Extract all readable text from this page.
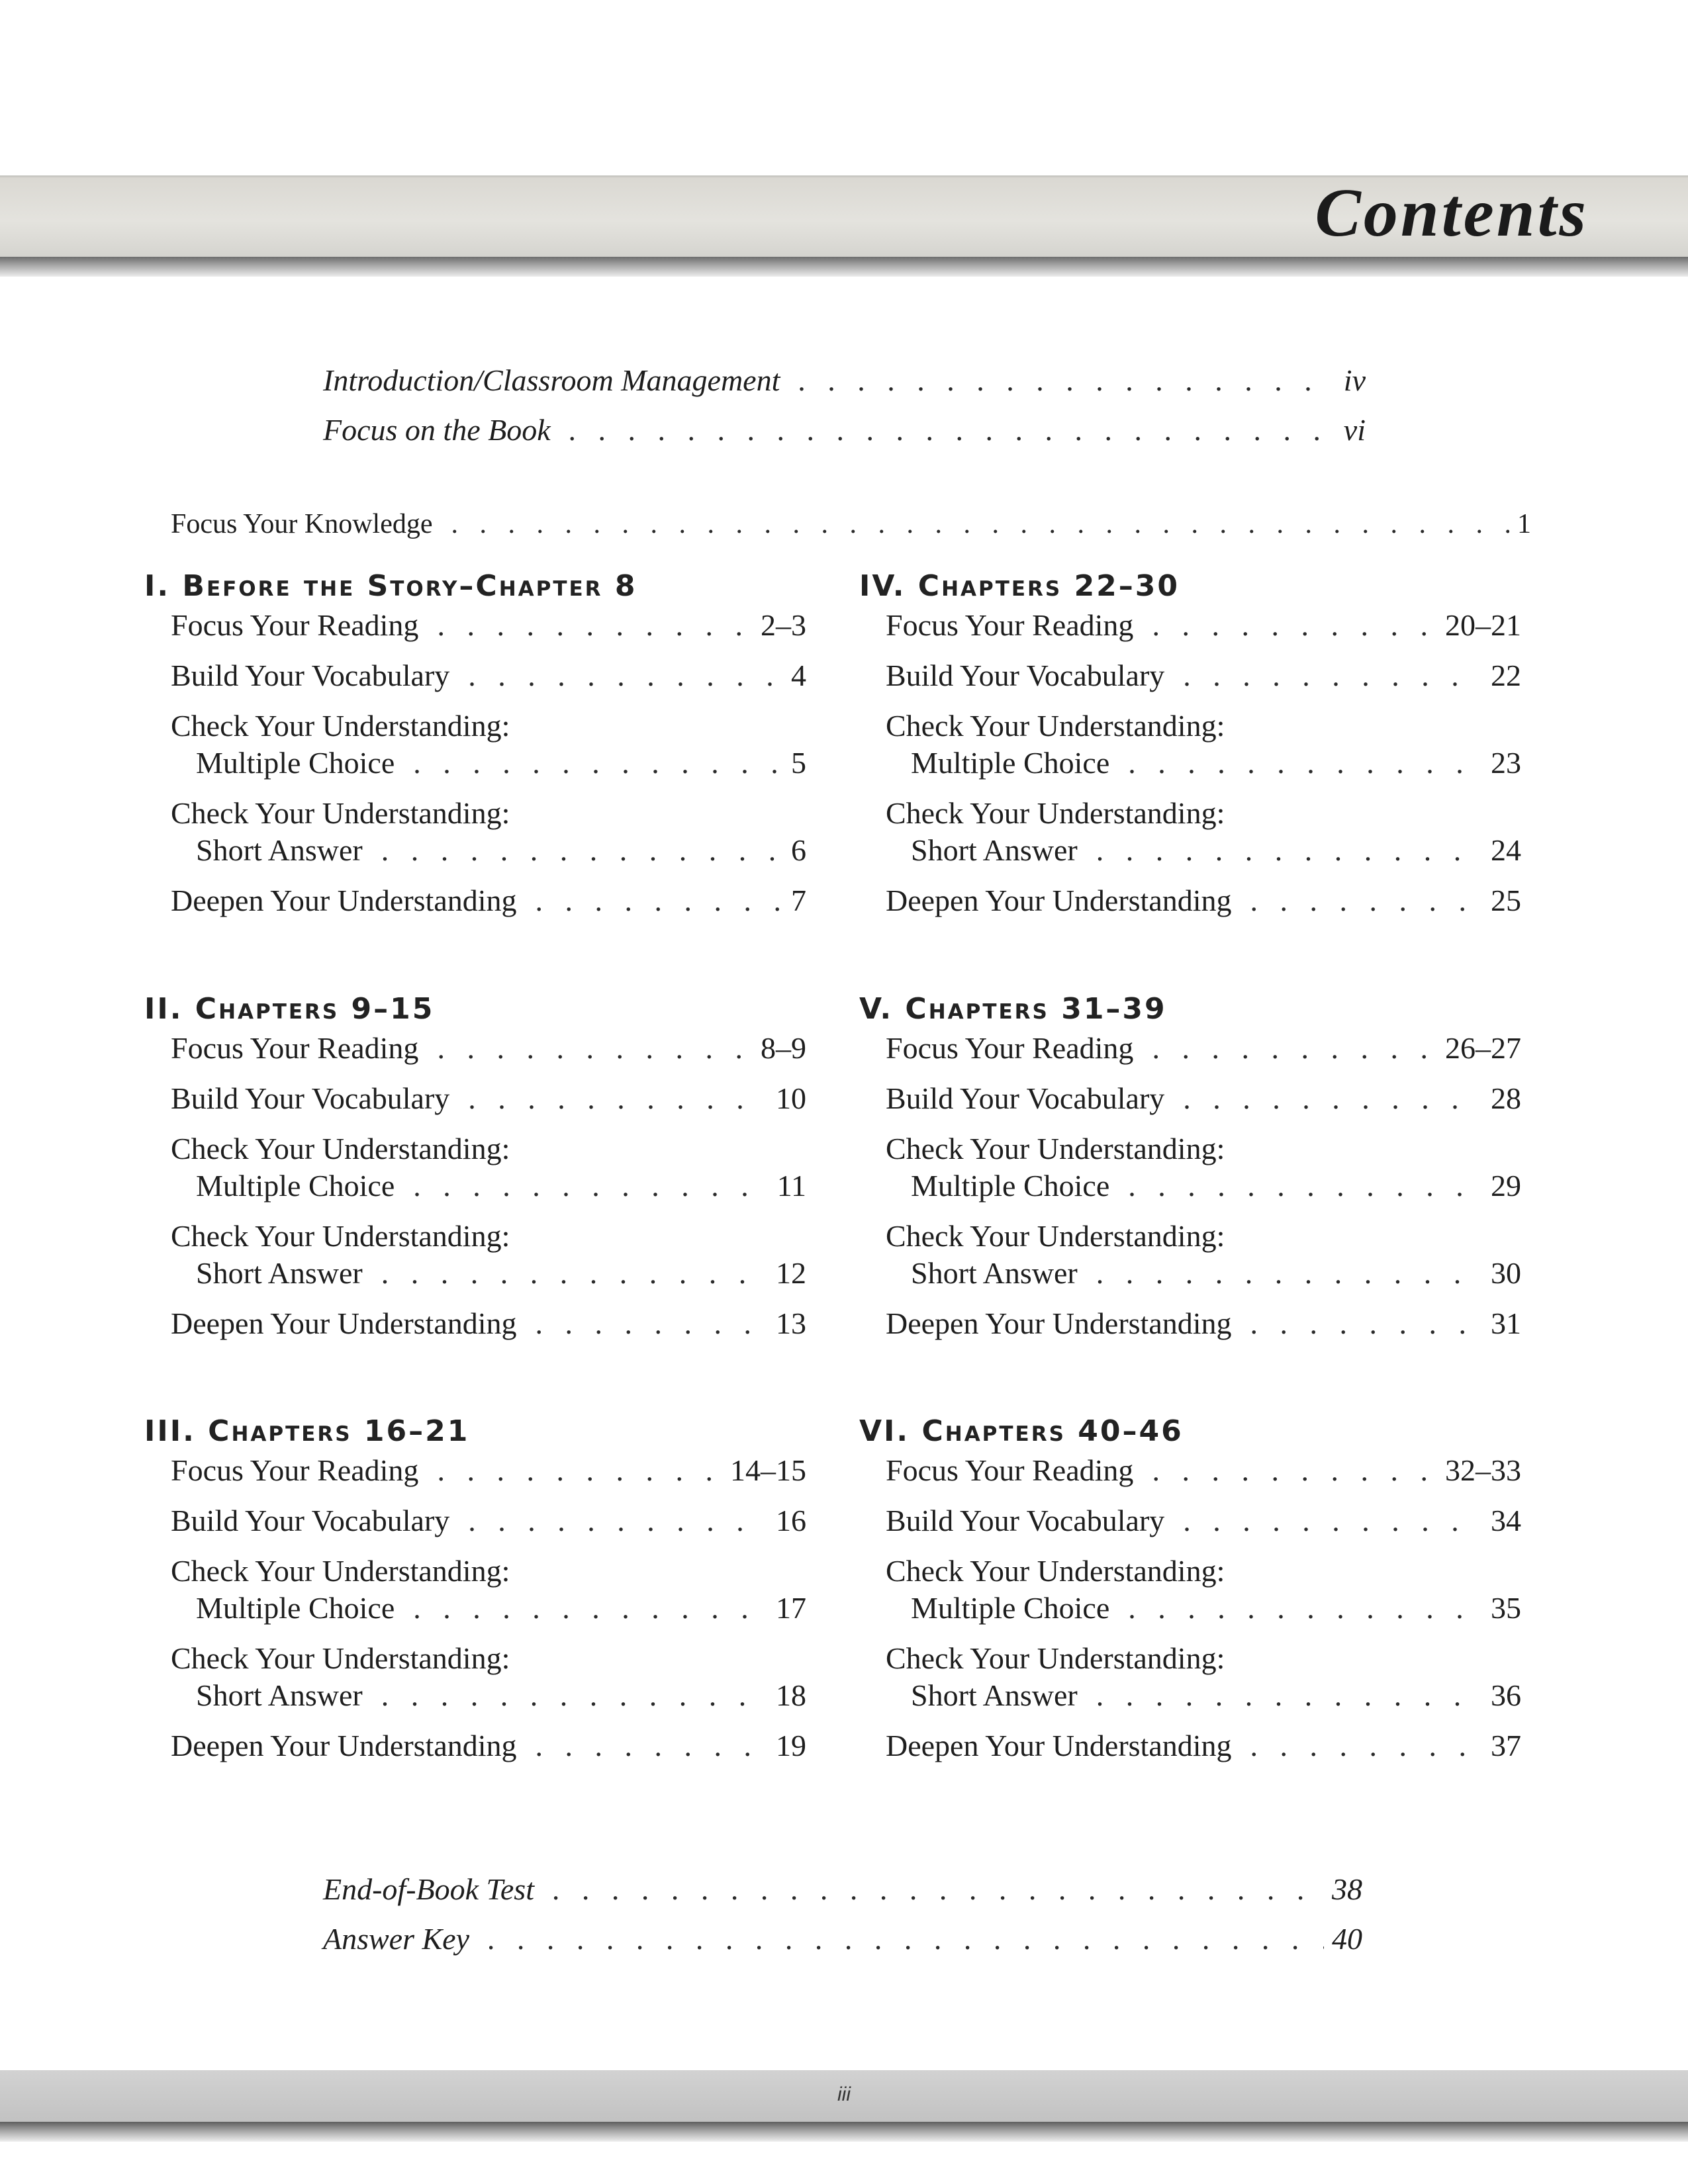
Contents
Introduction/Classroom Management . . .	iv
Focus on the Book . . .	vi
Focus Your Knowledge . . .	1
I. Before the Story–Chapter 8
Focus Your Reading . . .	2–3
Build Your Vocabulary . . .	4
Check Your Understanding:
Multiple Choice . . .	5
Check Your Understanding:
Short Answer . . .	6
Deepen Your Understanding . . .	7
IV. Chapters 22–30
Focus Your Reading . . .	20–21
Build Your Vocabulary . . .	22
Check Your Understanding:
Multiple Choice . . .	23
Check Your Understanding:
Short Answer . . .	24
Deepen Your Understanding . . .	25
II. Chapters 9–15
Focus Your Reading . . .	8–9
Build Your Vocabulary . . .	10
Check Your Understanding:
Multiple Choice . . .	11
Check Your Understanding:
Short Answer . . .	12
Deepen Your Understanding . . .	13
V. Chapters 31–39
Focus Your Reading . . .	26–27
Build Your Vocabulary . . .	28
Check Your Understanding:
Multiple Choice . . .	29
Check Your Understanding:
Short Answer . . .	30
Deepen Your Understanding . . .	31
III. Chapters 16–21
Focus Your Reading . . .	14–15
Build Your Vocabulary . . .	16
Check Your Understanding:
Multiple Choice . . .	17
Check Your Understanding:
Short Answer . . .	18
Deepen Your Understanding . . .	19
VI. Chapters 40–46
Focus Your Reading . . .	32–33
Build Your Vocabulary . . .	34
Check Your Understanding:
Multiple Choice . . .	35
Check Your Understanding:
Short Answer . . .	36
Deepen Your Understanding . . .	37
End-of-Book Test . . .	38
Answer Key . . .	40
iii
